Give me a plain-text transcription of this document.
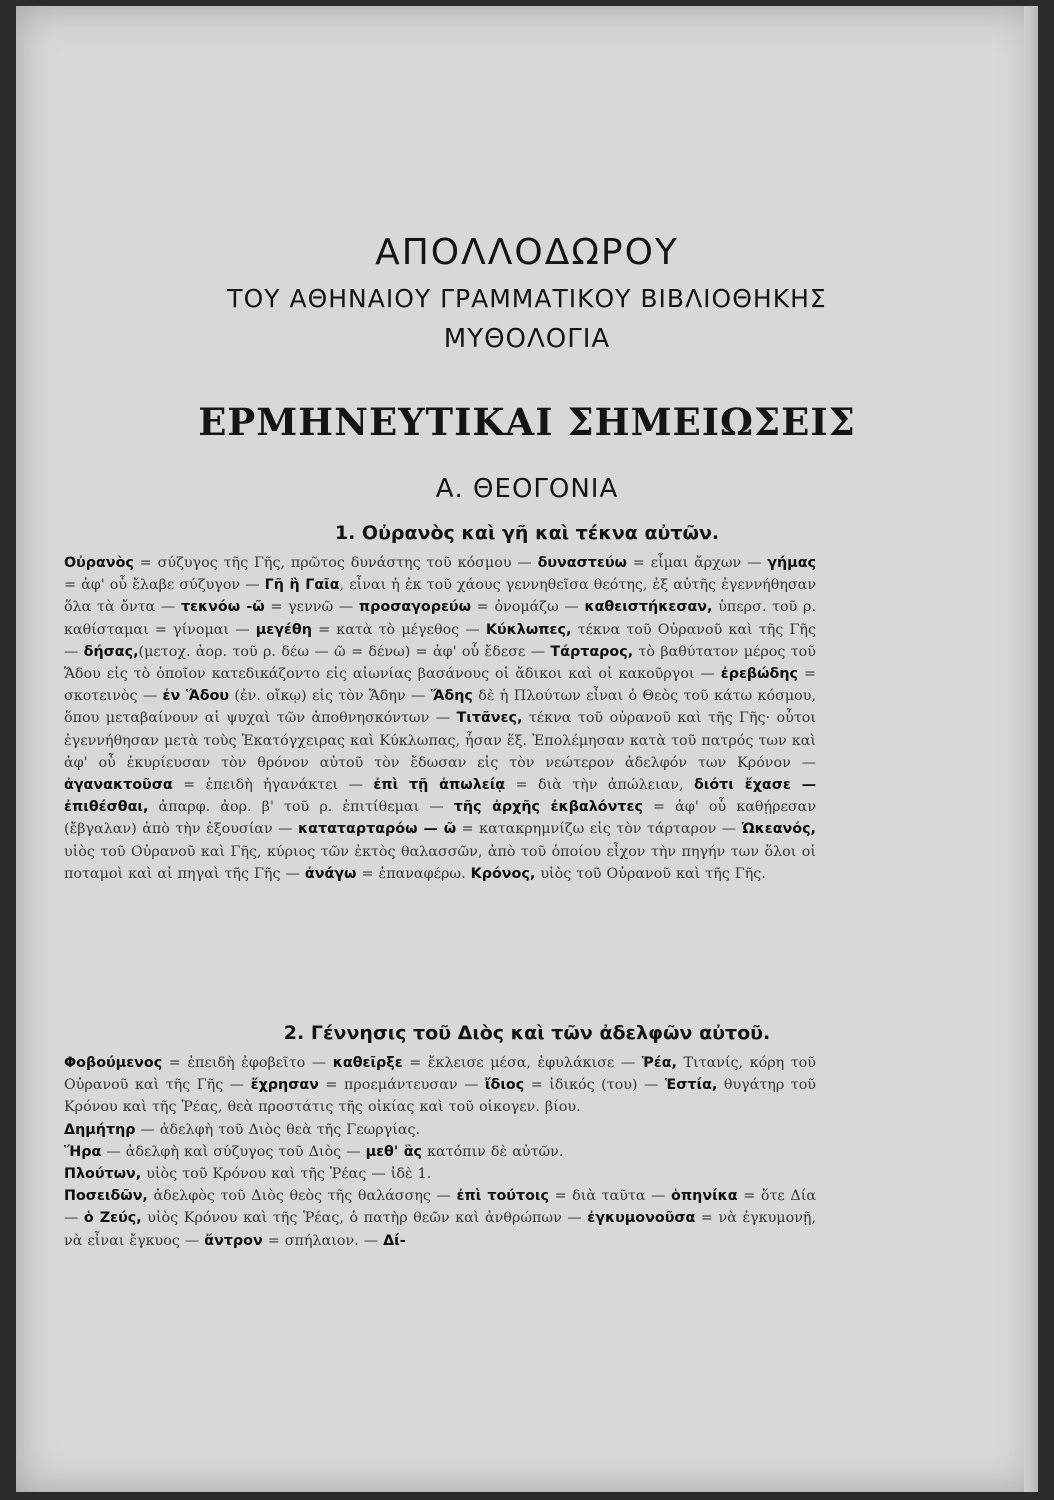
ΑΠΟΛΛΟΔΩΡΟΥ
ΤΟΥ ΑΘΗΝΑΙΟΥ ΓΡΑΜΜΑΤΙΚΟΥ ΒΙΒΛΙΟΘΗΚΗΣ
ΜΥΘΟΛΟΓΙΑ
ΕΡΜΗΝΕΥΤΙΚΑΙ ΣΗΜΕΙΩΣΕΙΣ
Α. ΘΕΟΓΟΝΙΑ
1. Οὐρανὸς καὶ γῆ καὶ τέκνα αὐτῶν.
Οὐρανὸς = σύζυγος τῆς Γῆς, πρῶτος δυνάστης τοῦ κόσμου — δυναστεύω = εἶμαι ἄρχων — γήμας = ἀφ' οὗ ἔλαβε σύζυγον — Γῆ ἢ Γαῖα, εἶναι ἡ ἐκ τοῦ χάους γεννηθεῖσα θεότης, ἐξ αὐτῆς ἐγεννήθησαν ὅλα τὰ ὄντα — τεκνόω -ῶ = γεννῶ — προσαγορεύω = ὀνομάζω — καθειστήκεσαν, ὑπερσ. τοῦ ρ. καθίσταμαι = γίνομαι — μεγέθη = κατὰ τὸ μέγεθος — Κύκλωπες, τέκνα τοῦ Οὐρανοῦ καὶ τῆς Γῆς — δήσας,(μετοχ. ἀορ. τοῦ ρ. δέω — ῶ = δένω) = ἀφ' οὗ ἔδεσε — Τάρταρος, τὸ βαθύτατον μέρος τοῦ Ἅδου εἰς τὸ ὁποῖον κατεδικάζοντο εἰς αἰωνίας βασάνους οἱ ἄδικοι καὶ οἱ κακοῦργοι — ἐρεβώδης = σκοτεινὸς — ἐν Ἅδου (ἐν. οἴκῳ) εἰς τὸν Ἅδην — Ἅδης δὲ ἡ Πλούτων εἶναι ὁ Θεὸς τοῦ κάτω κόσμου, ὅπου μεταβαίνουν αἱ ψυχαὶ τῶν ἀποθνησκόντων — Τιτᾶνες, τέκνα τοῦ οὐρανοῦ καὶ τῆς Γῆς· οὗτοι ἐγεννήθησαν μετὰ τοὺς Ἑκατόγχειρας καὶ Κύκλωπας, ἦσαν ἕξ. Ἐπολέμησαν κατὰ τοῦ πατρός των καὶ ἀφ' οὗ ἐκυρίευσαν τὸν θρόνον αὐτοῦ τὸν ἔδωσαν εἰς τὸν νεώτερον ἀδελφόν των Κρόνον — ἀγανακτοῦσα = ἐπειδὴ ἠγανάκτει — ἐπὶ τῇ ἀπωλείᾳ = διὰ τὴν ἀπώλειαν, διότι ἔχασε — ἐπιθέσθαι, ἀπαρφ. ἀορ. β' τοῦ ρ. ἐπιτίθεμαι — τῆς ἀρχῆς ἐκβαλόντες = ἀφ' οὗ καθῄρεσαν (ἔβγαλαν) ἀπὸ τὴν ἐξουσίαν — καταταρταρόω — ῶ = κατακρημνίζω εἰς τὸν τάρταρον — Ὠκεανός, υἱὸς τοῦ Οὐρανοῦ καὶ Γῆς, κύριος τῶν ἐκτὸς θαλασσῶν, ἀπὸ τοῦ ὁποίου εἶχον τὴν πηγήν των ὅλοι οἱ ποταμοὶ καὶ αἱ πηγαὶ τῆς Γῆς — ἀνάγω = ἐπαναφέρω. Κρόνος, υἱὸς τοῦ Οὐρανοῦ καὶ τῆς Γῆς.
2. Γέννησις τοῦ Διὸς καὶ τῶν ἀδελφῶν αὐτοῦ.
Φοβούμενος = ἐπειδὴ ἐφοβεῖτο — καθεῖρξε = ἔκλεισε μέσα, ἐφυλάκισε — Ῥέα, Τιτανίς, κόρη τοῦ Οὐρανοῦ καὶ τῆς Γῆς — ἔχρησαν = προεμάντευσαν — ἴδιος = ἰδικός (του) — Ἑστία, θυγάτηρ τοῦ Κρόνου καὶ τῆς Ῥέας, θεὰ προστάτις τῆς οἰκίας καὶ τοῦ οἰκογεν. βίου.
Δημήτηρ — ἀδελφὴ τοῦ Διὸς θεὰ τῆς Γεωργίας.
Ἥρα — ἀδελφὴ καὶ σύζυγος τοῦ Διὸς — μεθ' ἃς κατόπιν δὲ αὐτῶν.
Πλούτων, υἱὸς τοῦ Κρόνου καὶ τῆς Ῥέας — ἰδὲ 1.
Ποσειδῶν, ἀδελφὸς τοῦ Διὸς θεὸς τῆς θαλάσσης — ἐπὶ τούτοις = διὰ ταῦτα — ὁπηνίκα = ὅτε Δία — ὁ Ζεύς, υἱὸς Κρόνου καὶ τῆς Ῥέας, ὁ πατὴρ θεῶν καὶ ἀνθρώπων — ἐγκυμονοῦσα = νὰ ἐγκυμονῇ, νὰ εἶναι ἔγκυος — ἄντρον = σπήλαιον. — Δί-
